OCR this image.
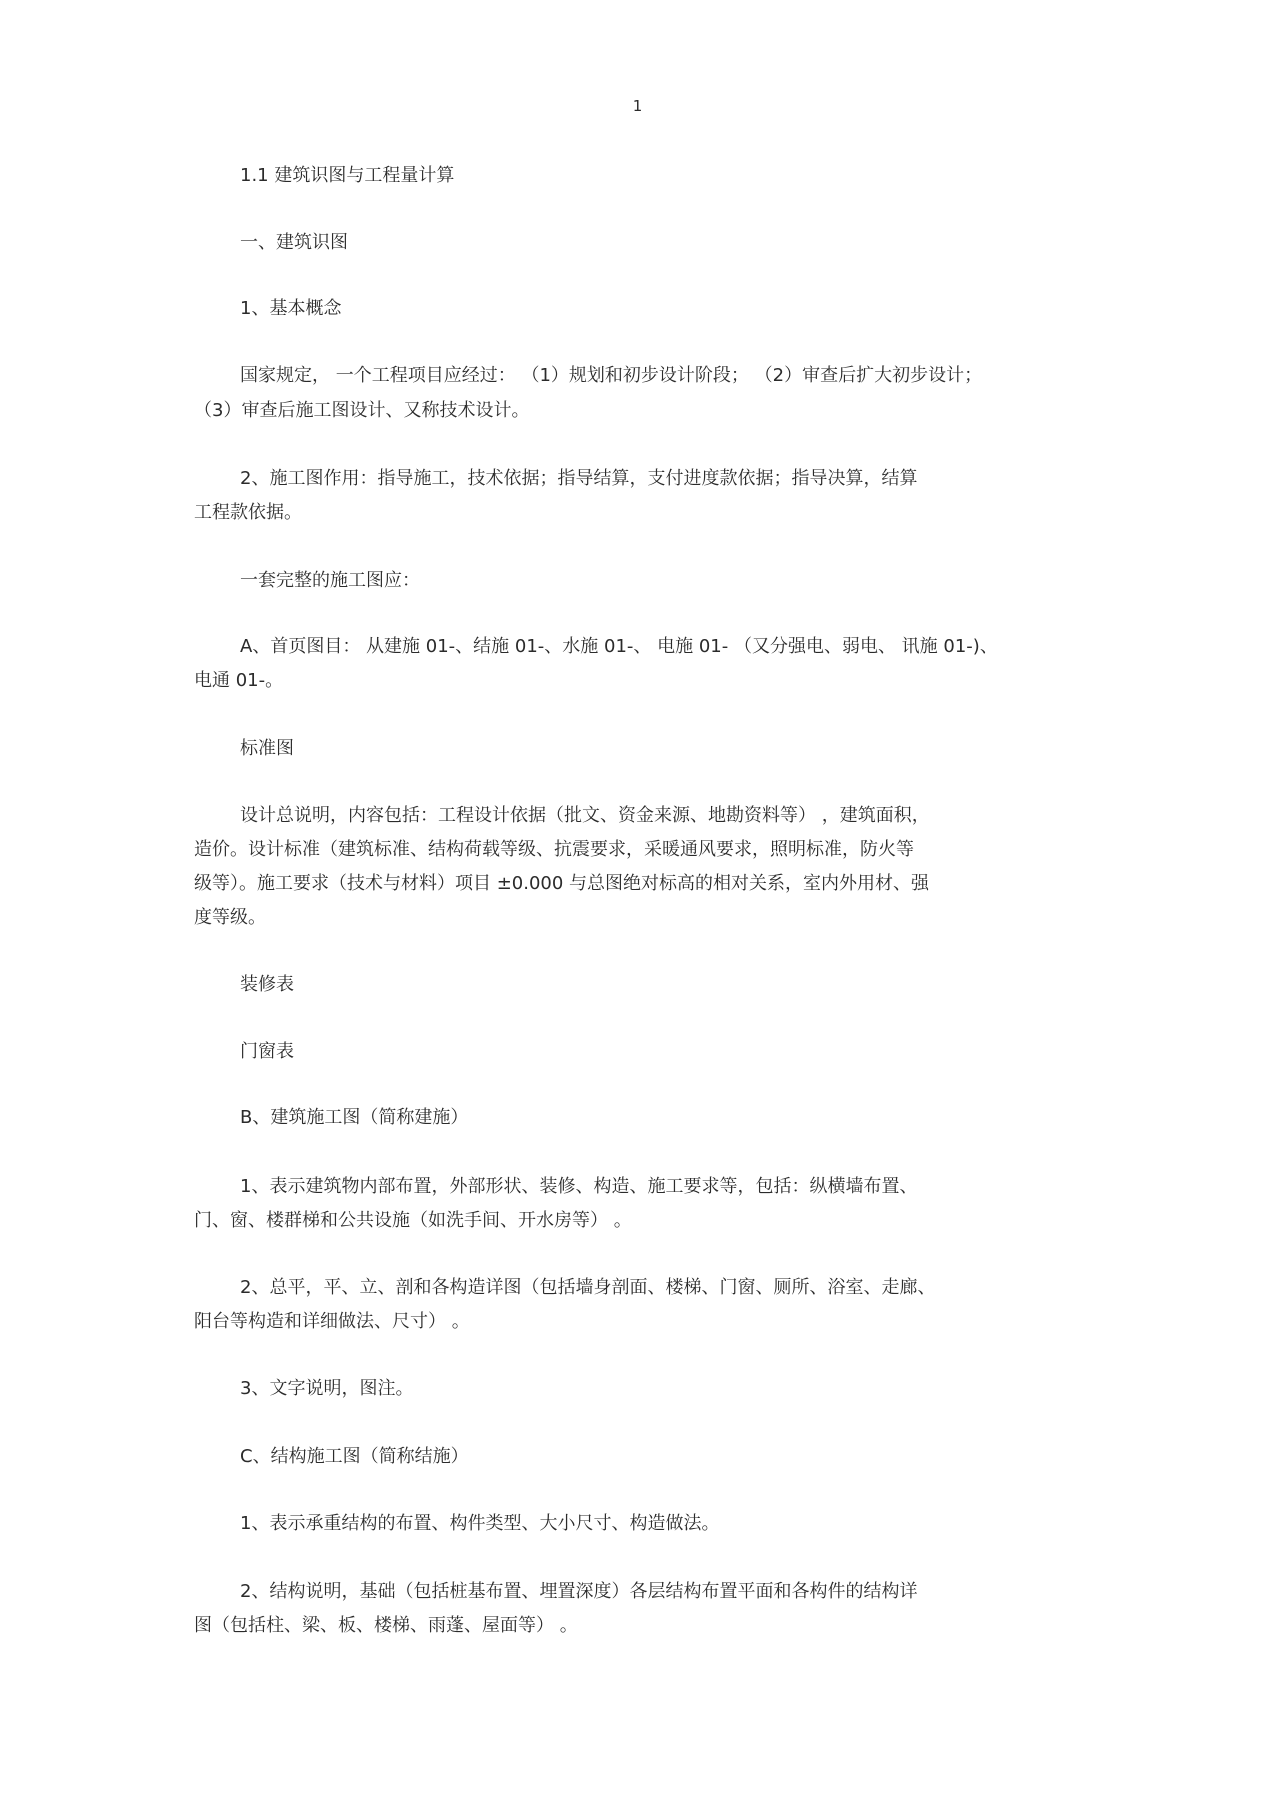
1
1.1 建筑识图与工程量计算
一、建筑识图
1、基本概念
国家规定， 一个工程项目应经过： （1）规划和初步设计阶段； （2）审查后扩大初步设计；
（3）审查后施工图设计、又称技术设计。
2、施工图作用：指导施工，技术依据；指导结算，支付进度款依据；指导决算，结算
工程款依据。
一套完整的施工图应：
A、首页图目： 从建施 01-、结施 01-、水施 01-、 电施 01- （又分强电、弱电、 讯施 01-)、
电通 01-。
标准图
设计总说明，内容包括：工程设计依据（批文、资金来源、地勘资料等） ，建筑面积，
造价。设计标准（建筑标准、结构荷载等级、抗震要求，采暖通风要求，照明标准，防火等
级等）。施工要求（技术与材料）项目 ±0.000 与总图绝对标高的相对关系，室内外用材、强
度等级。
装修表
门窗表
B、建筑施工图（简称建施）
1、表示建筑物内部布置，外部形状、装修、构造、施工要求等，包括：纵横墙布置、
门、窗、楼群梯和公共设施（如洗手间、开水房等） 。
2、总平，平、立、剖和各构造详图（包括墙身剖面、楼梯、门窗、厕所、浴室、走廊、
阳台等构造和详细做法、尺寸） 。
3、文字说明，图注。
C、结构施工图（简称结施）
1、表示承重结构的布置、构件类型、大小尺寸、构造做法。
2、结构说明，基础（包括桩基布置、埋置深度）各层结构布置平面和各构件的结构详
图（包括柱、梁、板、楼梯、雨蓬、屋面等） 。
